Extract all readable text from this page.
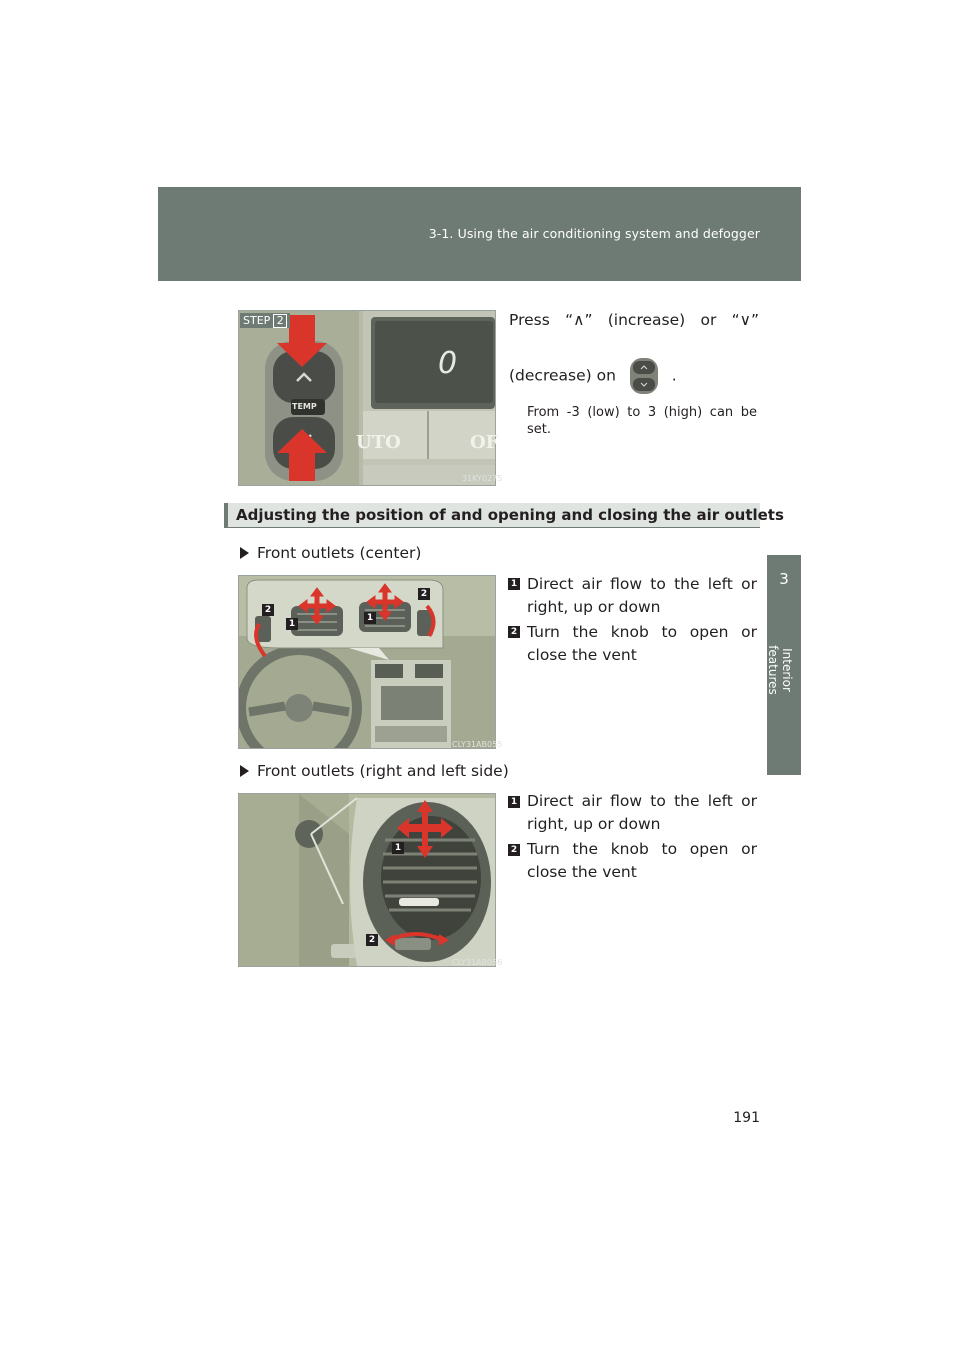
3-1. Using the air conditioning system and defogger
3
Interior features
STEP 2
0
UTO	OF
TEMP
31KY0275
Press “∧” (increase) or “∨”
(decrease) on	.
From -3 (low) to 3 (high) can be set.
Adjusting the position of and opening and closing the air outlets
Front outlets (center)
2
1
1
2
CLY31AB055
1 Direct air flow to the left or right, up or down
2 Turn the knob to open or close the vent
Front outlets (right and left side)
1
2
CLY31AB056
1 Direct air flow to the left or right, up or down
2 Turn the knob to open or close the vent
191
